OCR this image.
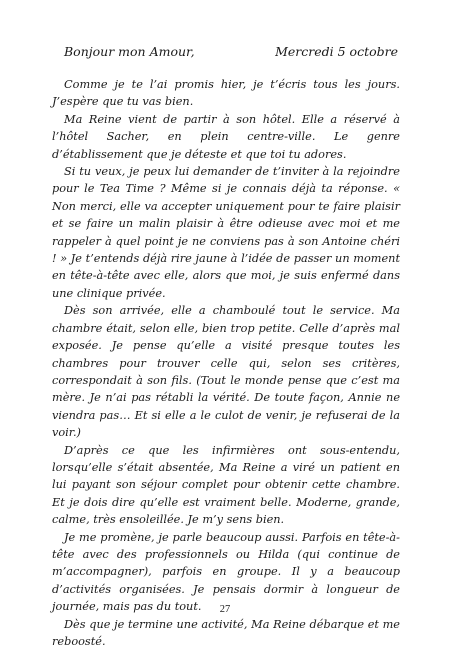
Bonjour mon Amour,	Mercredi 5 octobre

Comme je te l’ai promis hier, je t’écris tous les jours. J’espère que tu vas bien.

Ma Reine vient de partir à son hôtel. Elle a réservé à l’hôtel Sacher, en plein centre-ville. Le genre d’établissement que je déteste et que toi tu adores.

Si tu veux, je peux lui demander de t’inviter à la rejoindre pour le Tea Time ? Même si je connais déjà ta réponse. « Non merci, elle va accepter uniquement pour te faire plaisir et se faire un malin plaisir à être odieuse avec moi et me rappeler à quel point je ne conviens pas à son Antoine chéri ! » Je t’entends déjà rire jaune à l’idée de passer un moment en tête-à-tête avec elle, alors que moi, je suis enfermé dans une clinique privée.

Dès son arrivée, elle a chamboulé tout le service. Ma chambre était, selon elle, bien trop petite. Celle d’après mal exposée. Je pense qu’elle a visité presque toutes les chambres pour trouver celle qui, selon ses critères, correspondait à son fils. (Tout le monde pense que c’est ma mère. Je n’ai pas rétabli la vérité. De toute façon, Annie ne viendra pas… Et si elle a le culot de venir, je refuserai de la voir.)

D’après ce que les infirmières ont sous-entendu, lorsqu’elle s’était absentée, Ma Reine a viré un patient en lui payant son séjour complet pour obtenir cette chambre. Et je dois dire qu’elle est vraiment belle. Moderne, grande, calme, très ensoleillée. Je m’y sens bien.

Je me promène, je parle beaucoup aussi. Parfois en tête-à-tête avec des professionnels ou Hilda (qui continue de m’accompagner), parfois en groupe. Il y a beaucoup d’activités organisées. Je pensais dormir à longueur de journée, mais pas du tout.

Dès que je termine une activité, Ma Reine débarque et me reboosté.

27
